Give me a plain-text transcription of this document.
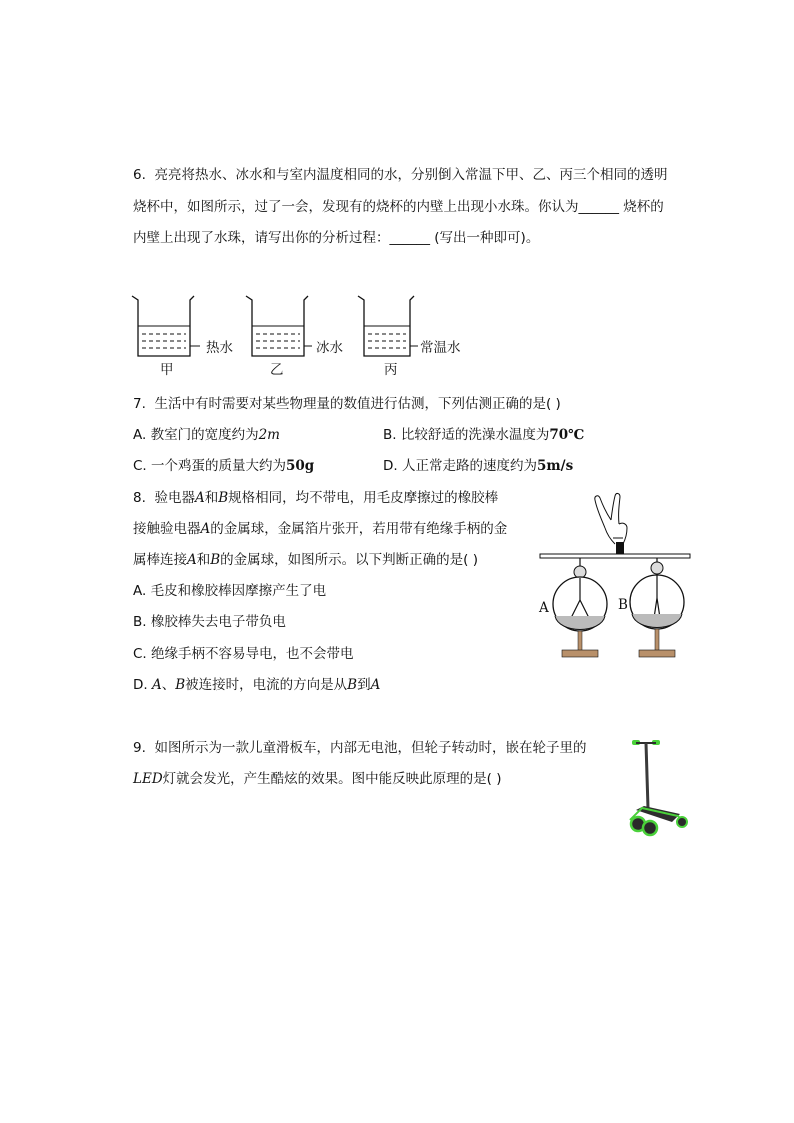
6. 亮亮将热水、冰水和与室内温度相同的水，分别倒入常温下甲、乙、丙三个相同的透明
烧杯中，如图所示，过了一会，发现有的烧杯的内壁上出现小水珠。你认为______ 烧杯的
内壁上出现了水珠，请写出你的分析过程：______ (写出一种即可)。
热水
甲
冰水
乙
常温水
丙
7. 生活中有时需要对某些物理量的数值进行估测，下列估测正确的是( )
A. 教室门的宽度约为2m	B. 比较舒适的洗澡水温度为70℃
C. 一个鸡蛋的质量大约为50g	D. 人正常走路的速度约为5m/s
8. 验电器A和B规格相同，均不带电，用毛皮摩擦过的橡胶棒
接触验电器A的金属球，金属箔片张开，若用带有绝缘手柄的金
属棒连接A和B的金属球，如图所示。以下判断正确的是( )
A. 毛皮和橡胶棒因摩擦产生了电
B. 橡胶棒失去电子带负电
C. 绝缘手柄不容易导电，也不会带电
D. A、B被连接时，电流的方向是从B到A
A	B
9. 如图所示为一款儿童滑板车，内部无电池，但轮子转动时，嵌在轮子里的
LED灯就会发光，产生酷炫的效果。图中能反映此原理的是( )
